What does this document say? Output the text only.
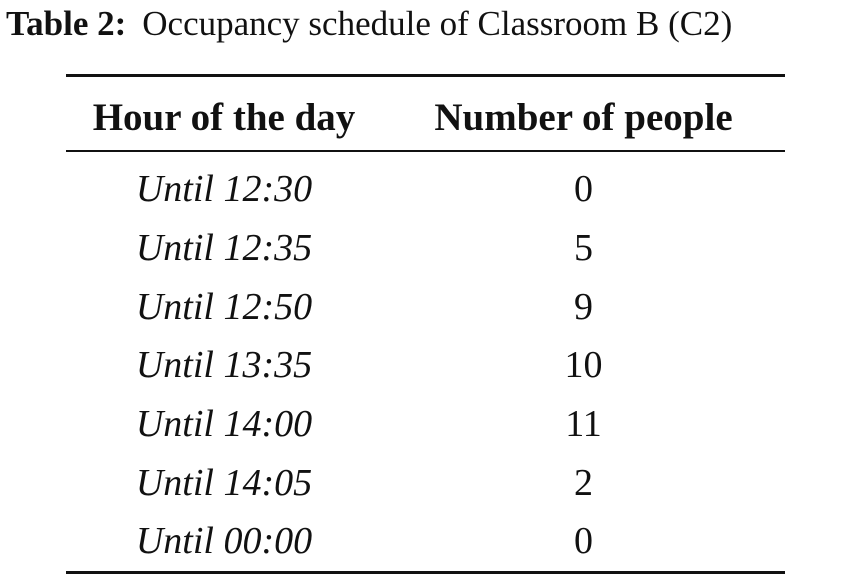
Table 2: Occupancy schedule of Classroom B (C2)
Hour of the day	Number of people
Until 12:30	0
Until 12:35	5
Until 12:50	9
Until 13:35	10
Until 14:00	11
Until 14:05	2
Until 00:00	0
